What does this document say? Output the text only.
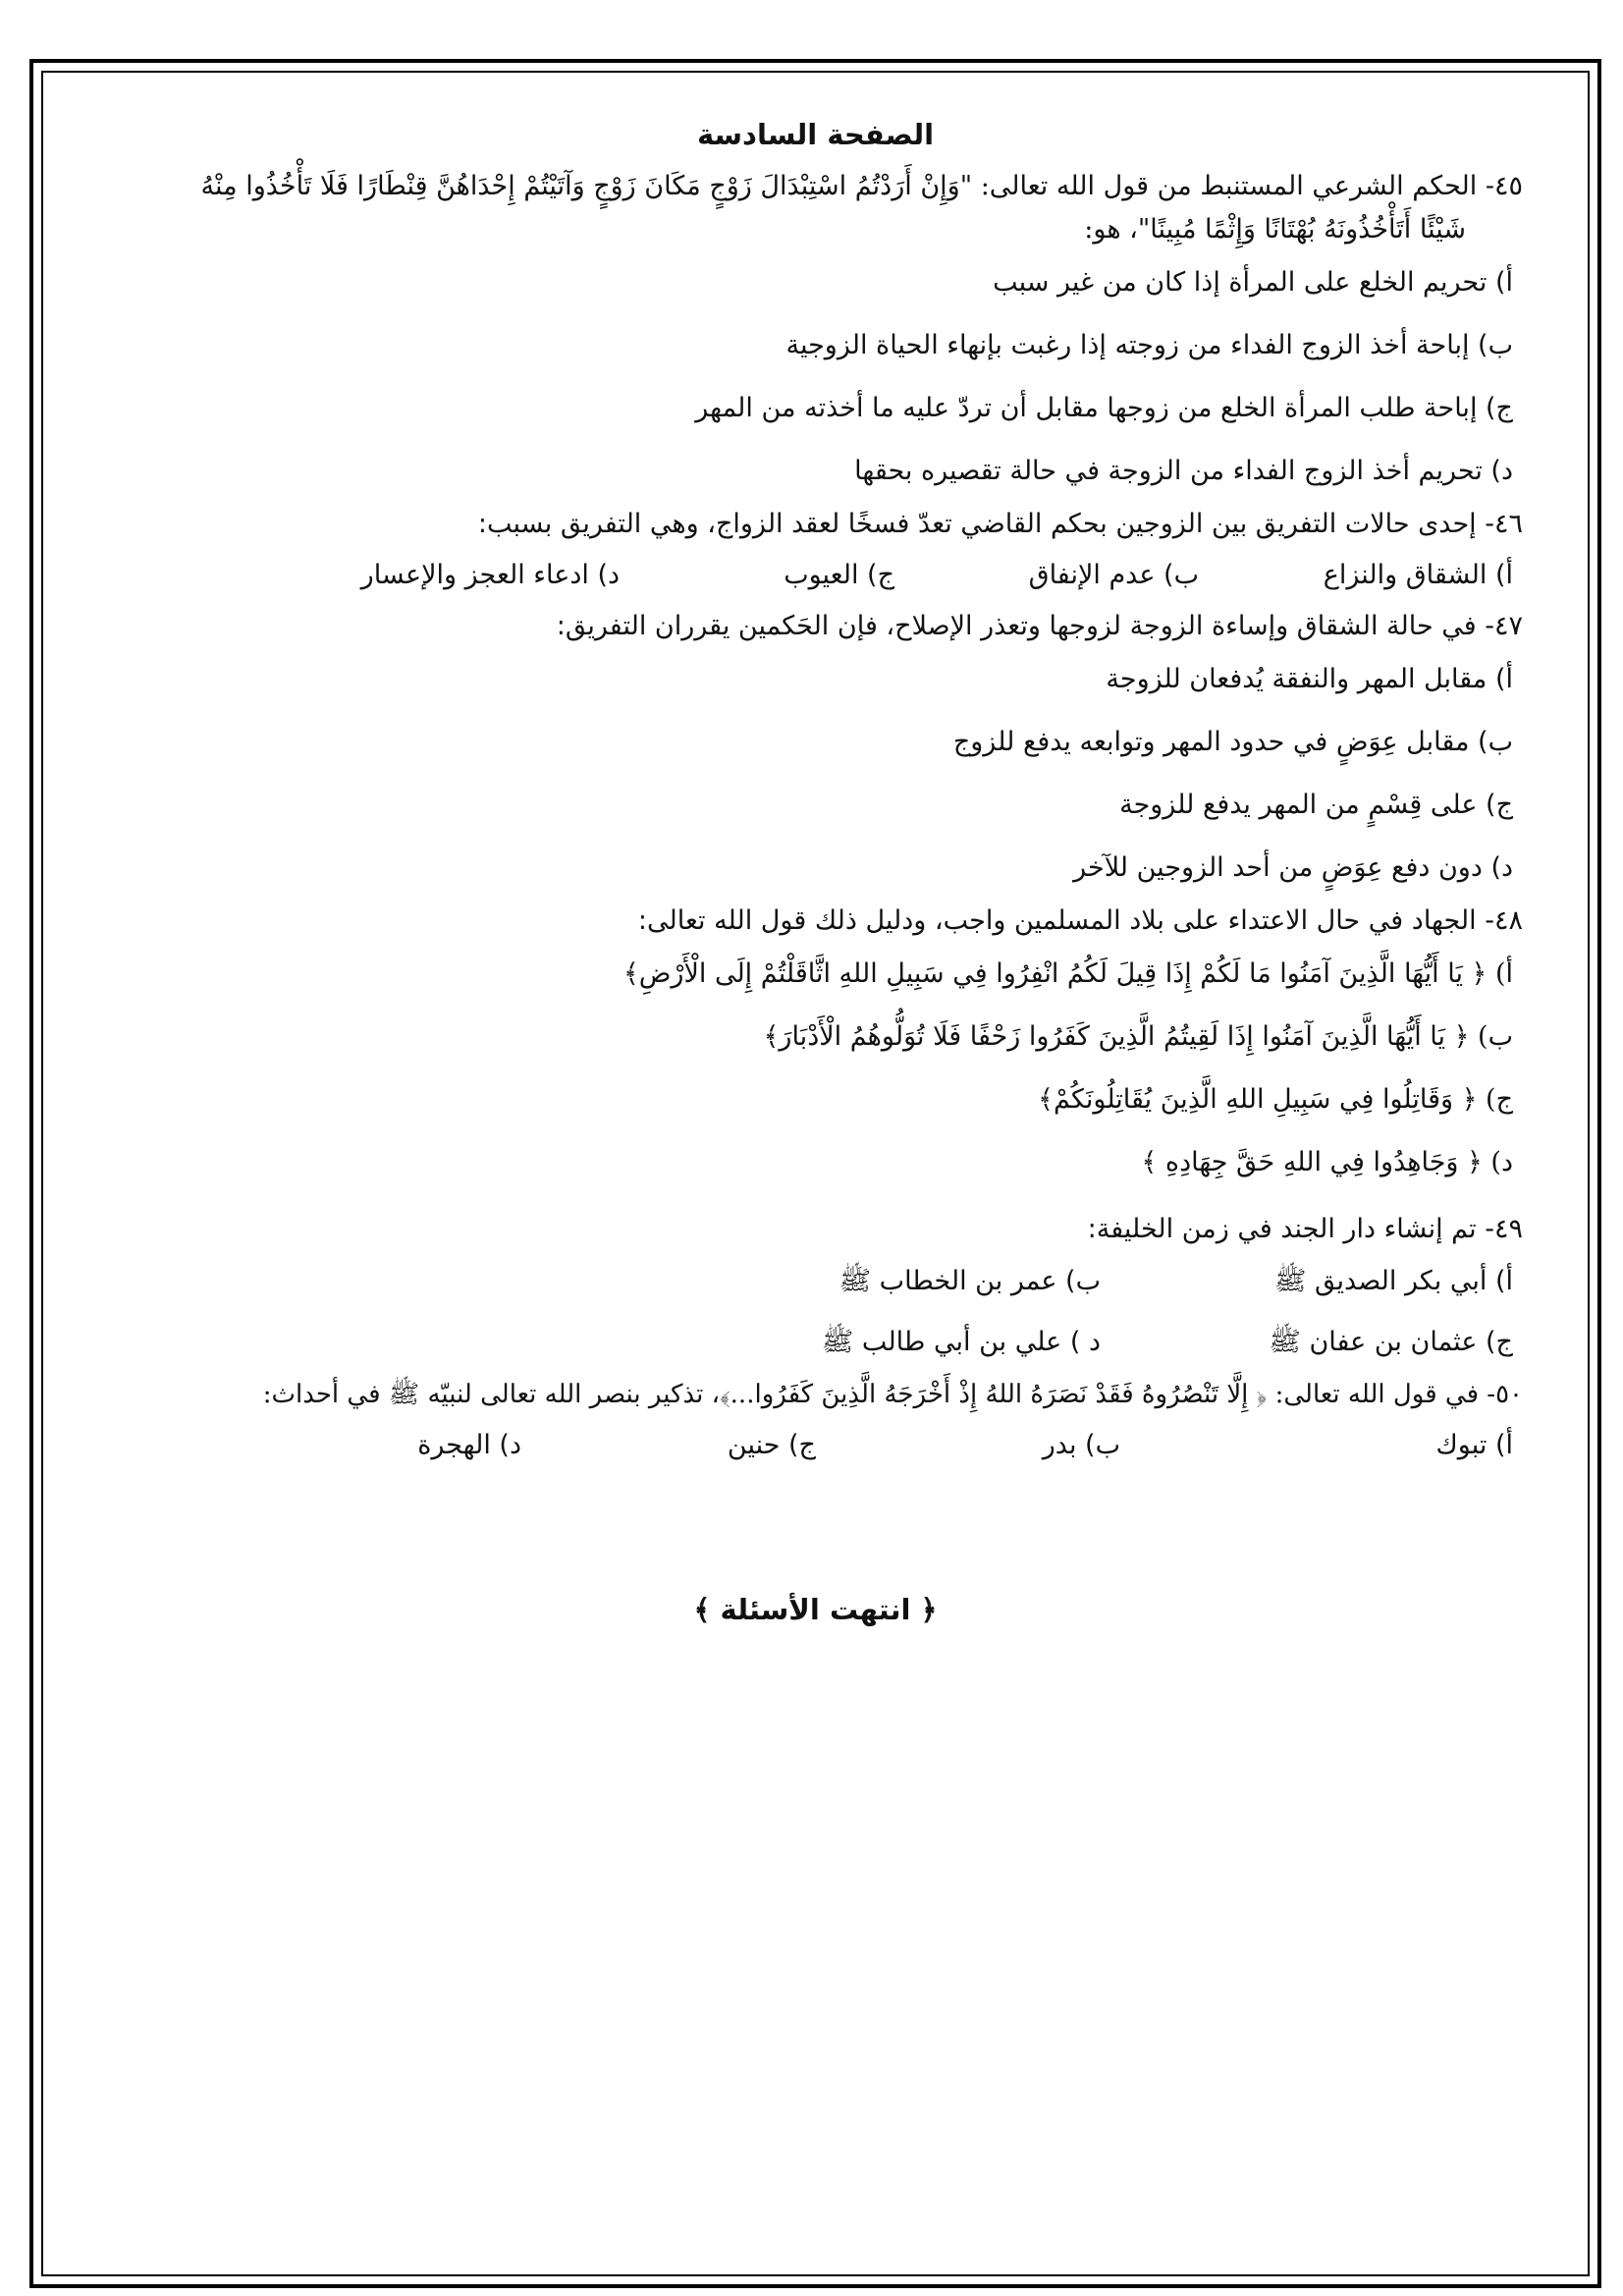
الصفحة السادسة

٤٥- الحكم الشرعي المستنبط من قول الله تعالى: "وَإِنْ أَرَدْتُمُ اسْتِبْدَالَ زَوْجٍ مَكَانَ زَوْجٍ وَآتَيْتُمْ إِحْدَاهُنَّ قِنْطَارًا فَلَا تَأْخُذُوا مِنْهُ

شَيْئًا أَتَأْخُذُونَهُ بُهْتَانًا وَإِثْمًا مُبِينًا"، هو:

أ) تحريم الخلع على المرأة إذا كان من غير سبب

ب) إباحة أخذ الزوج الفداء من زوجته إذا رغبت بإنهاء الحياة الزوجية

ج) إباحة طلب المرأة الخلع من زوجها مقابل أن تردّ عليه ما أخذته من المهر

د) تحريم أخذ الزوج الفداء من الزوجة في حالة تقصيره بحقها

٤٦- إحدى حالات التفريق بين الزوجين بحكم القاضي تعدّ فسخًا لعقد الزواج، وهي التفريق بسبب:

أ) الشقاق والنزاع
ب) عدم الإنفاق
ج) العيوب
د) ادعاء العجز والإعسار

٤٧- في حالة الشقاق وإساءة الزوجة لزوجها وتعذر الإصلاح، فإن الحَكمين يقرران التفريق:

أ) مقابل المهر والنفقة يُدفعان للزوجة

ب) مقابل عِوَضٍ في حدود المهر وتوابعه يدفع للزوج

ج) على قِسْمٍ من المهر يدفع للزوجة

د) دون دفع عِوَضٍ من أحد الزوجين للآخر

٤٨- الجهاد في حال الاعتداء على بلاد المسلمين واجب، ودليل ذلك قول الله تعالى:

أ) ﴿ يَا أَيُّهَا الَّذِينَ آمَنُوا مَا لَكُمْ إِذَا قِيلَ لَكُمُ انْفِرُوا فِي سَبِيلِ اللهِ اثَّاقَلْتُمْ إِلَى الْأَرْضِ﴾

ب) ﴿ يَا أَيُّهَا الَّذِينَ آمَنُوا إِذَا لَقِيتُمُ الَّذِينَ كَفَرُوا زَحْفًا فَلَا تُوَلُّوهُمُ الْأَدْبَارَ﴾

ج) ﴿ وَقَاتِلُوا فِي سَبِيلِ اللهِ الَّذِينَ يُقَاتِلُونَكُمْ﴾

د) ﴿ وَجَاهِدُوا فِي اللهِ حَقَّ جِهَادِهِ ﴾

٤٩- تم إنشاء دار الجند في زمن الخليفة:

أ) أبي بكر الصديق ﷺ
ب) عمر بن الخطاب ﷺ
ج) عثمان بن عفان ﷺ
د ) علي بن أبي طالب ﷺ

٥٠- في قول الله تعالى: ﴿ إِلَّا تَنْصُرُوهُ فَقَدْ نَصَرَهُ اللهُ إِذْ أَخْرَجَهُ الَّذِينَ كَفَرُوا...﴾، تذكير بنصر الله تعالى لنبيّه ﷺ في أحداث:

أ) تبوك
ب) بدر
ج) حنين
د) الهجرة
﴿ انتهت الأسئلة ﴾
